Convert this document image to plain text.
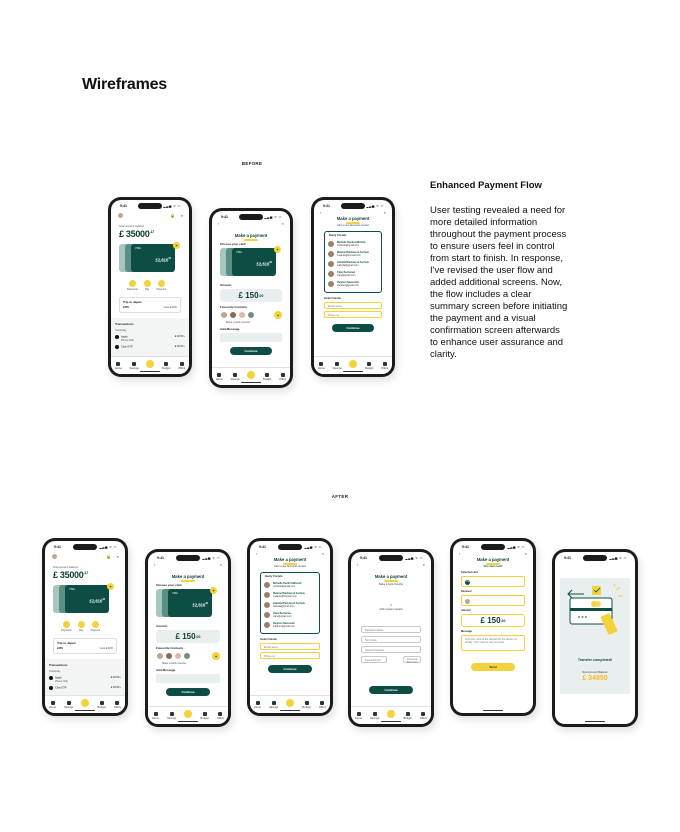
Wireframes
BEFORE
AFTER
Enhanced Payment Flow

User testing revealed a need for more detailed information throughout the payment process to ensure users feel in control from start to finish. In response, I've revised the user flow and added additional screens. Now, the flow includes a clear summary screen before initiating the payment and a visual confirmation screen afterwards to enhance user assurance and clarity.

9:41	▂▃▅ ᯤ ▭
🔒 ⌕
Total account balance
£ $35000^{,17}$
VISA
$£2,610^{32}$
+
Payments	Pay	Payment
Trip to Japan
£250	Goal £4000
Transactions
Yesterday
Apple	£ 40.50 ›
Phone bills
Chat GTP	£ 20.50 ›
Home	Savings	Budget	Offers
9:41	▂▃▅ ᯤ ▭
‹	×
Make a payment
Choose your card
VISA
$£2,610^{32}$
+
Amount
£ 150 ,00
Favourite Contacts
+
Make a bank transfer
Add Message
Continue
Home	Savings	Budget	Offers
9:41	▂▃▅ ᯤ ▭
‹	×
Make a payment
Add a new favourite contact
Bunty Friends
Michelle Dunfort-Mitchell
michelle@gmail.com
Melanie Blackwood Fuchsia
melanie@hotmail.com
Isabella Blackwood Fuchsia
isabella@gmail.com
Clare Buchanan
clare@gmail.com
Stephen Newcastle
stephen@gmail.com
Invite Friends
Email name
Phone no
Continue
Home	Savings	Budget	Offers
9:41	▂▃▅ ᯤ ▭
🔒 ⌕
Total account balance
£ $35000^{,17}$
VISA
$£2,610^{32}$
+
Payments	Pay	Payment
Trip to Japan
£250	Goal £4000
Transactions
Yesterday
Apple	£ 40.50 ›
Phone bills
Chat GTP	£ 20.50 ›
Home	Savings	Budget	Offers
9:41	▂▃▅ ᯤ ▭
‹	×
Make a payment
Choose your card
VISA
$£2,610^{32}$
+
Amount
£ 150 ,00
Favourite Contacts
+
Make a bank transfer
Add Message
Continue
Home	Savings	Budget	Offers
9:41	▂▃▅ ᯤ ▭
‹	×
Make a payment
Add a new favourite contact
Bunty Friends
Michelle Dunfort-Mitchell
michelle@gmail.com
Melanie Blackwood Fuchsia
melanie@hotmail.com
Isabella Blackwood Fuchsia
isabella@gmail.com
Clare Buchanan
clare@gmail.com
Stephen Newcastle
stephen@gmail.com
Invite Friends
Email name
Phone no
Continue
Home	Savings	Budget	Offers
9:41	▂▃▅ ᯤ ▭
‹	×
Make a payment
Make a bank transfer
⌂
Add recipient details
Recipient Name
Sort Code
Account Number
Account Type	Personal
Business
Continue
Home	Savings	Budget	Offers
9:41	▂▃▅ ᯤ ▭
‹	×
Make a payment
One more look!
Selected card
VISA
Receiver
Amount
£ 150 ,00
Message
Hi Lizzie, here is the deposit for the dinner on Friday. Can't wait for the next one!
Send
9:41	▂▃▅ ᯤ ▭
Transfer completed!
New Account Balance
£ 34850
